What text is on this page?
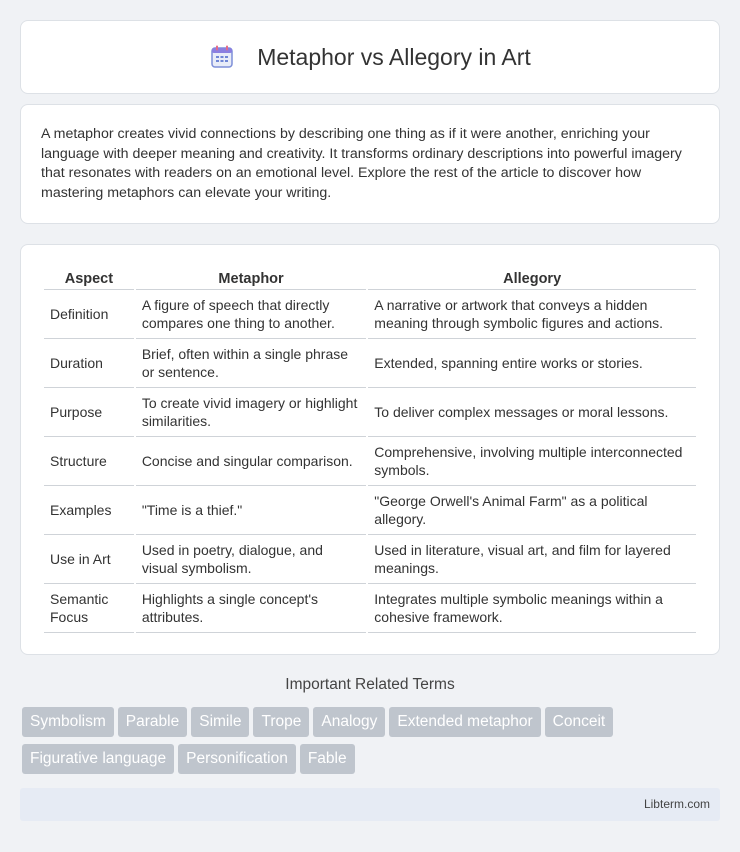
Metaphor vs Allegory in Art

A metaphor creates vivid connections by describing one thing as if it were another, enriching your language with deeper meaning and creativity. It transforms ordinary descriptions into powerful imagery that resonates with readers on an emotional level. Explore the rest of the article to discover how mastering metaphors can elevate your writing.

Aspect	Metaphor	Allegory
Definition	A figure of speech that directly compares one thing to another.	A narrative or artwork that conveys a hidden meaning through symbolic figures and actions.
Duration	Brief, often within a single phrase or sentence.	Extended, spanning entire works or stories.
Purpose	To create vivid imagery or highlight similarities.	To deliver complex messages or moral lessons.
Structure	Concise and singular comparison.	Comprehensive, involving multiple interconnected symbols.
Examples	"Time is a thief."	"George Orwell's Animal Farm" as a political allegory.
Use in Art	Used in poetry, dialogue, and visual symbolism.	Used in literature, visual art, and film for layered meanings.
Semantic Focus	Highlights a single concept's attributes.	Integrates multiple symbolic meanings within a cohesive framework.
Important Related Terms
Symbolism Parable Simile Trope Analogy Extended metaphor Conceit
Figurative language Personification Fable
Libterm.com
